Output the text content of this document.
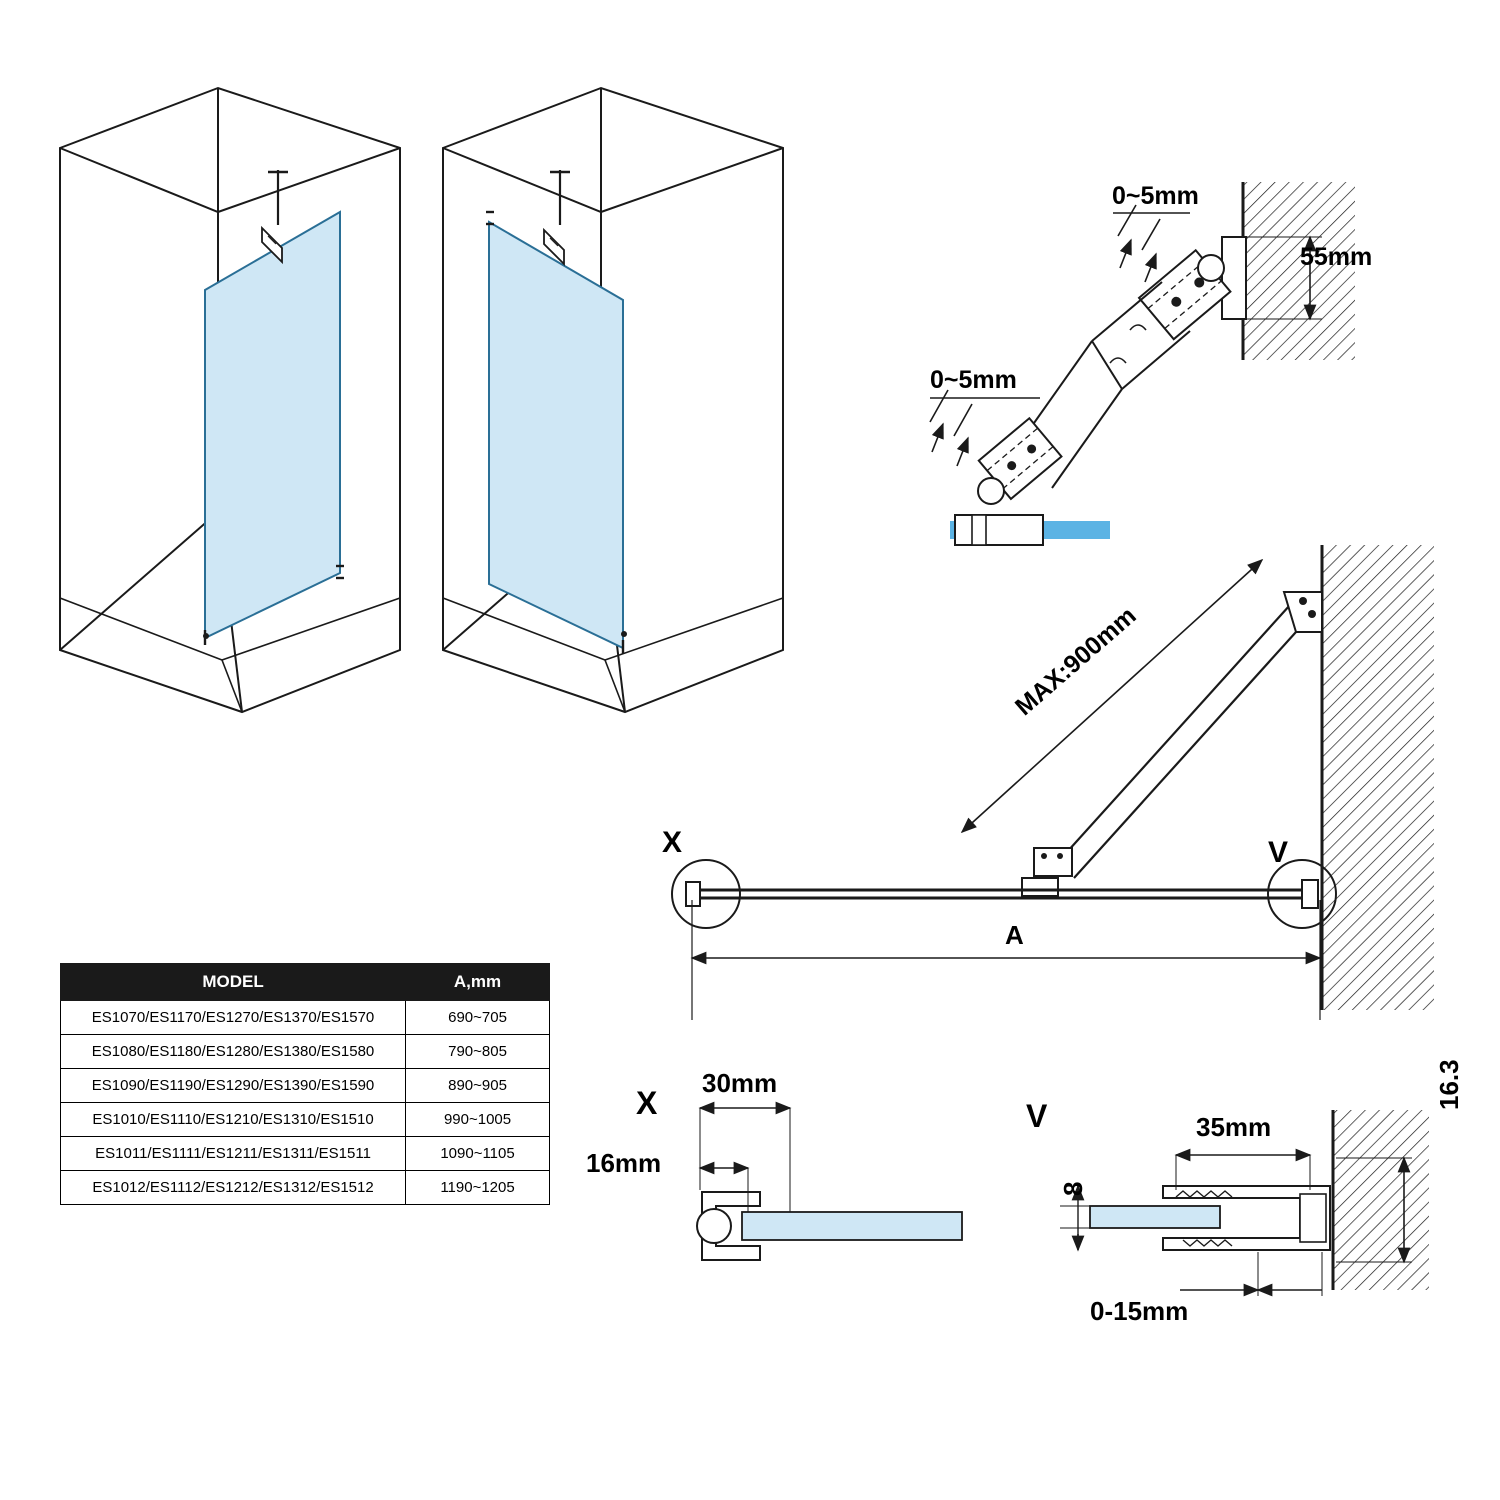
0~5mm
0~5mm
55mm
MAX:900mm
A
X	V
X
30mm
16mm
V	35mm
16.3
8
0-15mm
MODEL	A,mm
ES1070/ES1170/ES1270/ES1370/ES1570	690~705
ES1080/ES1180/ES1280/ES1380/ES1580	790~805
ES1090/ES1190/ES1290/ES1390/ES1590	890~905
ES1010/ES1110/ES1210/ES1310/ES1510	990~1005
ES1011/ES1111/ES1211/ES1311/ES1511	1090~1105
ES1012/ES1112/ES1212/ES1312/ES1512	1190~1205
